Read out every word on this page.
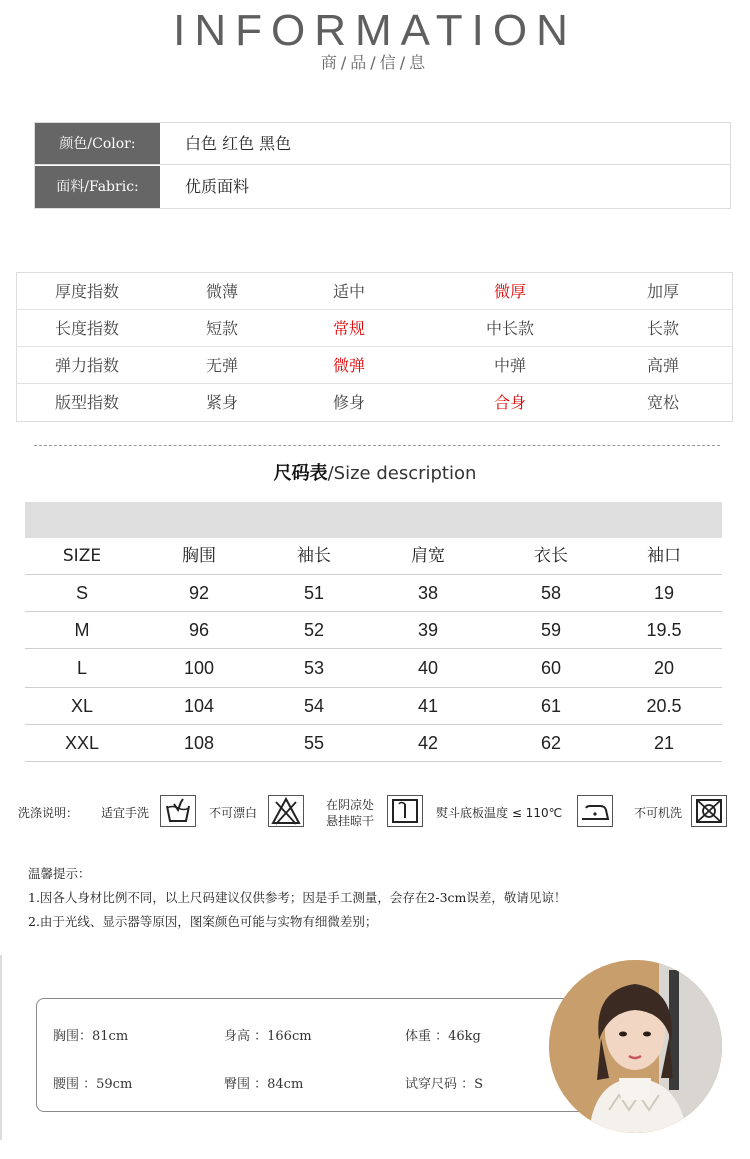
INFORMATION
商/品/信/息
颜色/Color:	白色 红色 黑色
面料/Fabric:	优质面料
厚度指数	微薄	适中	微厚	加厚
长度指数	短款	常规	中长款	长款
弹力指数	无弹	微弹	中弹	高弹
版型指数	紧身	修身	合身	宽松
尺码表/Size description
SIZE	胸围	袖长	肩宽	衣长	袖口
S	92	51	38	58	19
M	96	52	39	59	19.5
L	100	53	40	60	20
XL	104	54	41	61	20.5
XXL	108	55	42	62	21
洗涤说明： 适宜手洗	不可漂白
在阴凉处
悬挂晾干
熨斗底板温度 ≤ 110℃	不可机洗
温馨提示：
1.因各人身材比例不同，以上尺码建议仅供参考；因是手工测量，会存在2-3cm误差，敬请见谅！
2.由于光线、显示器等原因，图案颜色可能与实物有细微差别；
胸围：81cm	身高 ：166cm	体重 ：46kg
腰围 ：59cm	臀围 ：84cm	试穿尺码 ：S
